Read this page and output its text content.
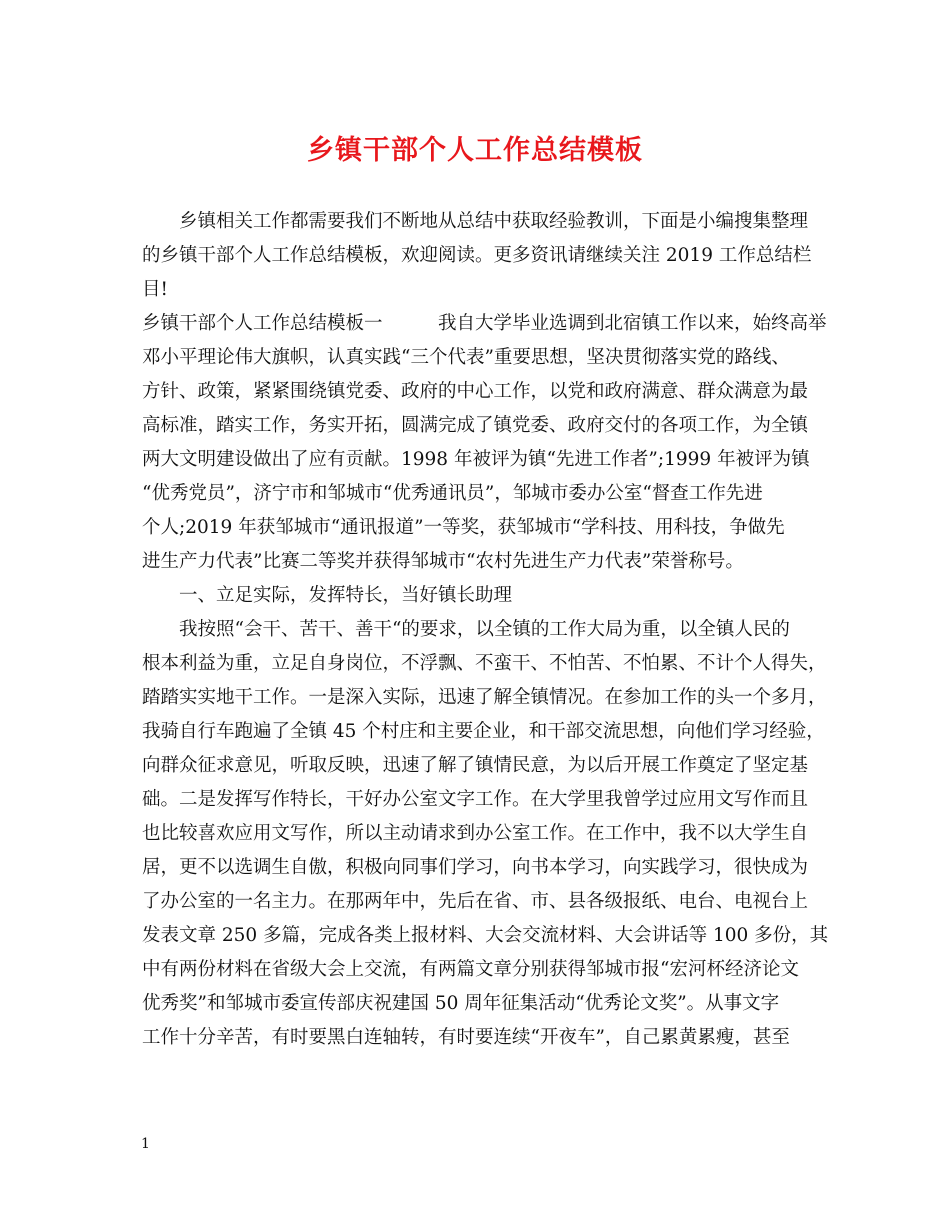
乡镇干部个人工作总结模板
乡镇相关工作都需要我们不断地从总结中获取经验教训，下面是小编搜集整理
的乡镇干部个人工作总结模板，欢迎阅读。更多资讯请继续关注 2019 工作总结栏
目!
乡镇干部个人工作总结模板一　　　我自大学毕业选调到北宿镇工作以来，始终高举
邓小平理论伟大旗帜，认真实践“三个代表”重要思想，坚决贯彻落实党的路线、
方针、政策，紧紧围绕镇党委、政府的中心工作，以党和政府满意、群众满意为最
高标准，踏实工作，务实开拓，圆满完成了镇党委、政府交付的各项工作，为全镇
两大文明建设做出了应有贡献。1998 年被评为镇“先进工作者”;1999 年被评为镇
“优秀党员”，济宁市和邹城市“优秀通讯员”，邹城市委办公室“督查工作先进
个人;2019 年获邹城市“通讯报道”一等奖，获邹城市“学科技、用科技，争做先
进生产力代表”比赛二等奖并获得邹城市“农村先进生产力代表”荣誉称号。
一、立足实际，发挥特长，当好镇长助理
我按照“会干、苦干、善干“的要求，以全镇的工作大局为重，以全镇人民的
根本利益为重，立足自身岗位，不浮飘、不蛮干、不怕苦、不怕累、不计个人得失，
踏踏实实地干工作。一是深入实际，迅速了解全镇情况。在参加工作的头一个多月，
我骑自行车跑遍了全镇 45 个村庄和主要企业，和干部交流思想，向他们学习经验，
向群众征求意见，听取反映，迅速了解了镇情民意，为以后开展工作奠定了坚定基
础。二是发挥写作特长，干好办公室文字工作。在大学里我曾学过应用文写作而且
也比较喜欢应用文写作，所以主动请求到办公室工作。在工作中，我不以大学生自
居，更不以选调生自傲，积极向同事们学习，向书本学习，向实践学习，很快成为
了办公室的一名主力。在那两年中，先后在省、市、县各级报纸、电台、电视台上
发表文章 250 多篇，完成各类上报材料、大会交流材料、大会讲话等 100 多份，其
中有两份材料在省级大会上交流，有两篇文章分别获得邹城市报“宏河杯经济论文
优秀奖”和邹城市委宣传部庆祝建国 50 周年征集活动“优秀论文奖”。从事文字
工作十分辛苦，有时要黑白连轴转，有时要连续“开夜车”，自己累黄累瘦，甚至
1
